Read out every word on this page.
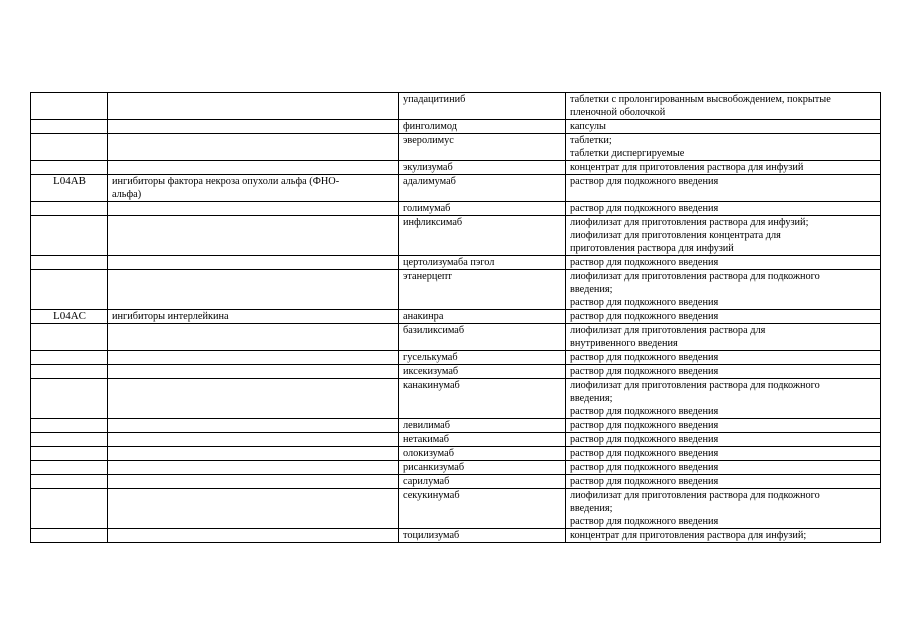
		упадацитиниб	таблетки с пролонгированным высвобождением, покрытые
пленочной оболочкой
		финголимод	капсулы
		эверолимус	таблетки;
таблетки диспергируемые
		экулизумаб	концентрат для приготовления раствора для инфузий
L04AB	ингибиторы фактора некроза опухоли альфа (ФНО-
альфа)	адалимумаб	раствор для подкожного введения
		голимумаб	раствор для подкожного введения
		инфликсимаб	лиофилизат для приготовления раствора для инфузий;
лиофилизат для приготовления концентрата для
приготовления раствора для инфузий
		цертолизумаба пэгол	раствор для подкожного введения
		этанерцепт	лиофилизат для приготовления раствора для подкожного
введения;
раствор для подкожного введения
L04AC	ингибиторы интерлейкина	анакинра	раствор для подкожного введения
		базиликсимаб	лиофилизат для приготовления раствора для
внутривенного введения
		гуселькумаб	раствор для подкожного введения
		иксекизумаб	раствор для подкожного введения
		канакинумаб	лиофилизат для приготовления раствора для подкожного
введения;
раствор для подкожного введения
		левилимаб	раствор для подкожного введения
		нетакимаб	раствор для подкожного введения
		олокизумаб	раствор для подкожного введения
		рисанкизумаб	раствор для подкожного введения
		сарилумаб	раствор для подкожного введения
		секукинумаб	лиофилизат для приготовления раствора для подкожного
введения;
раствор для подкожного введения
		тоцилизумаб	концентрат для приготовления раствора для инфузий;
